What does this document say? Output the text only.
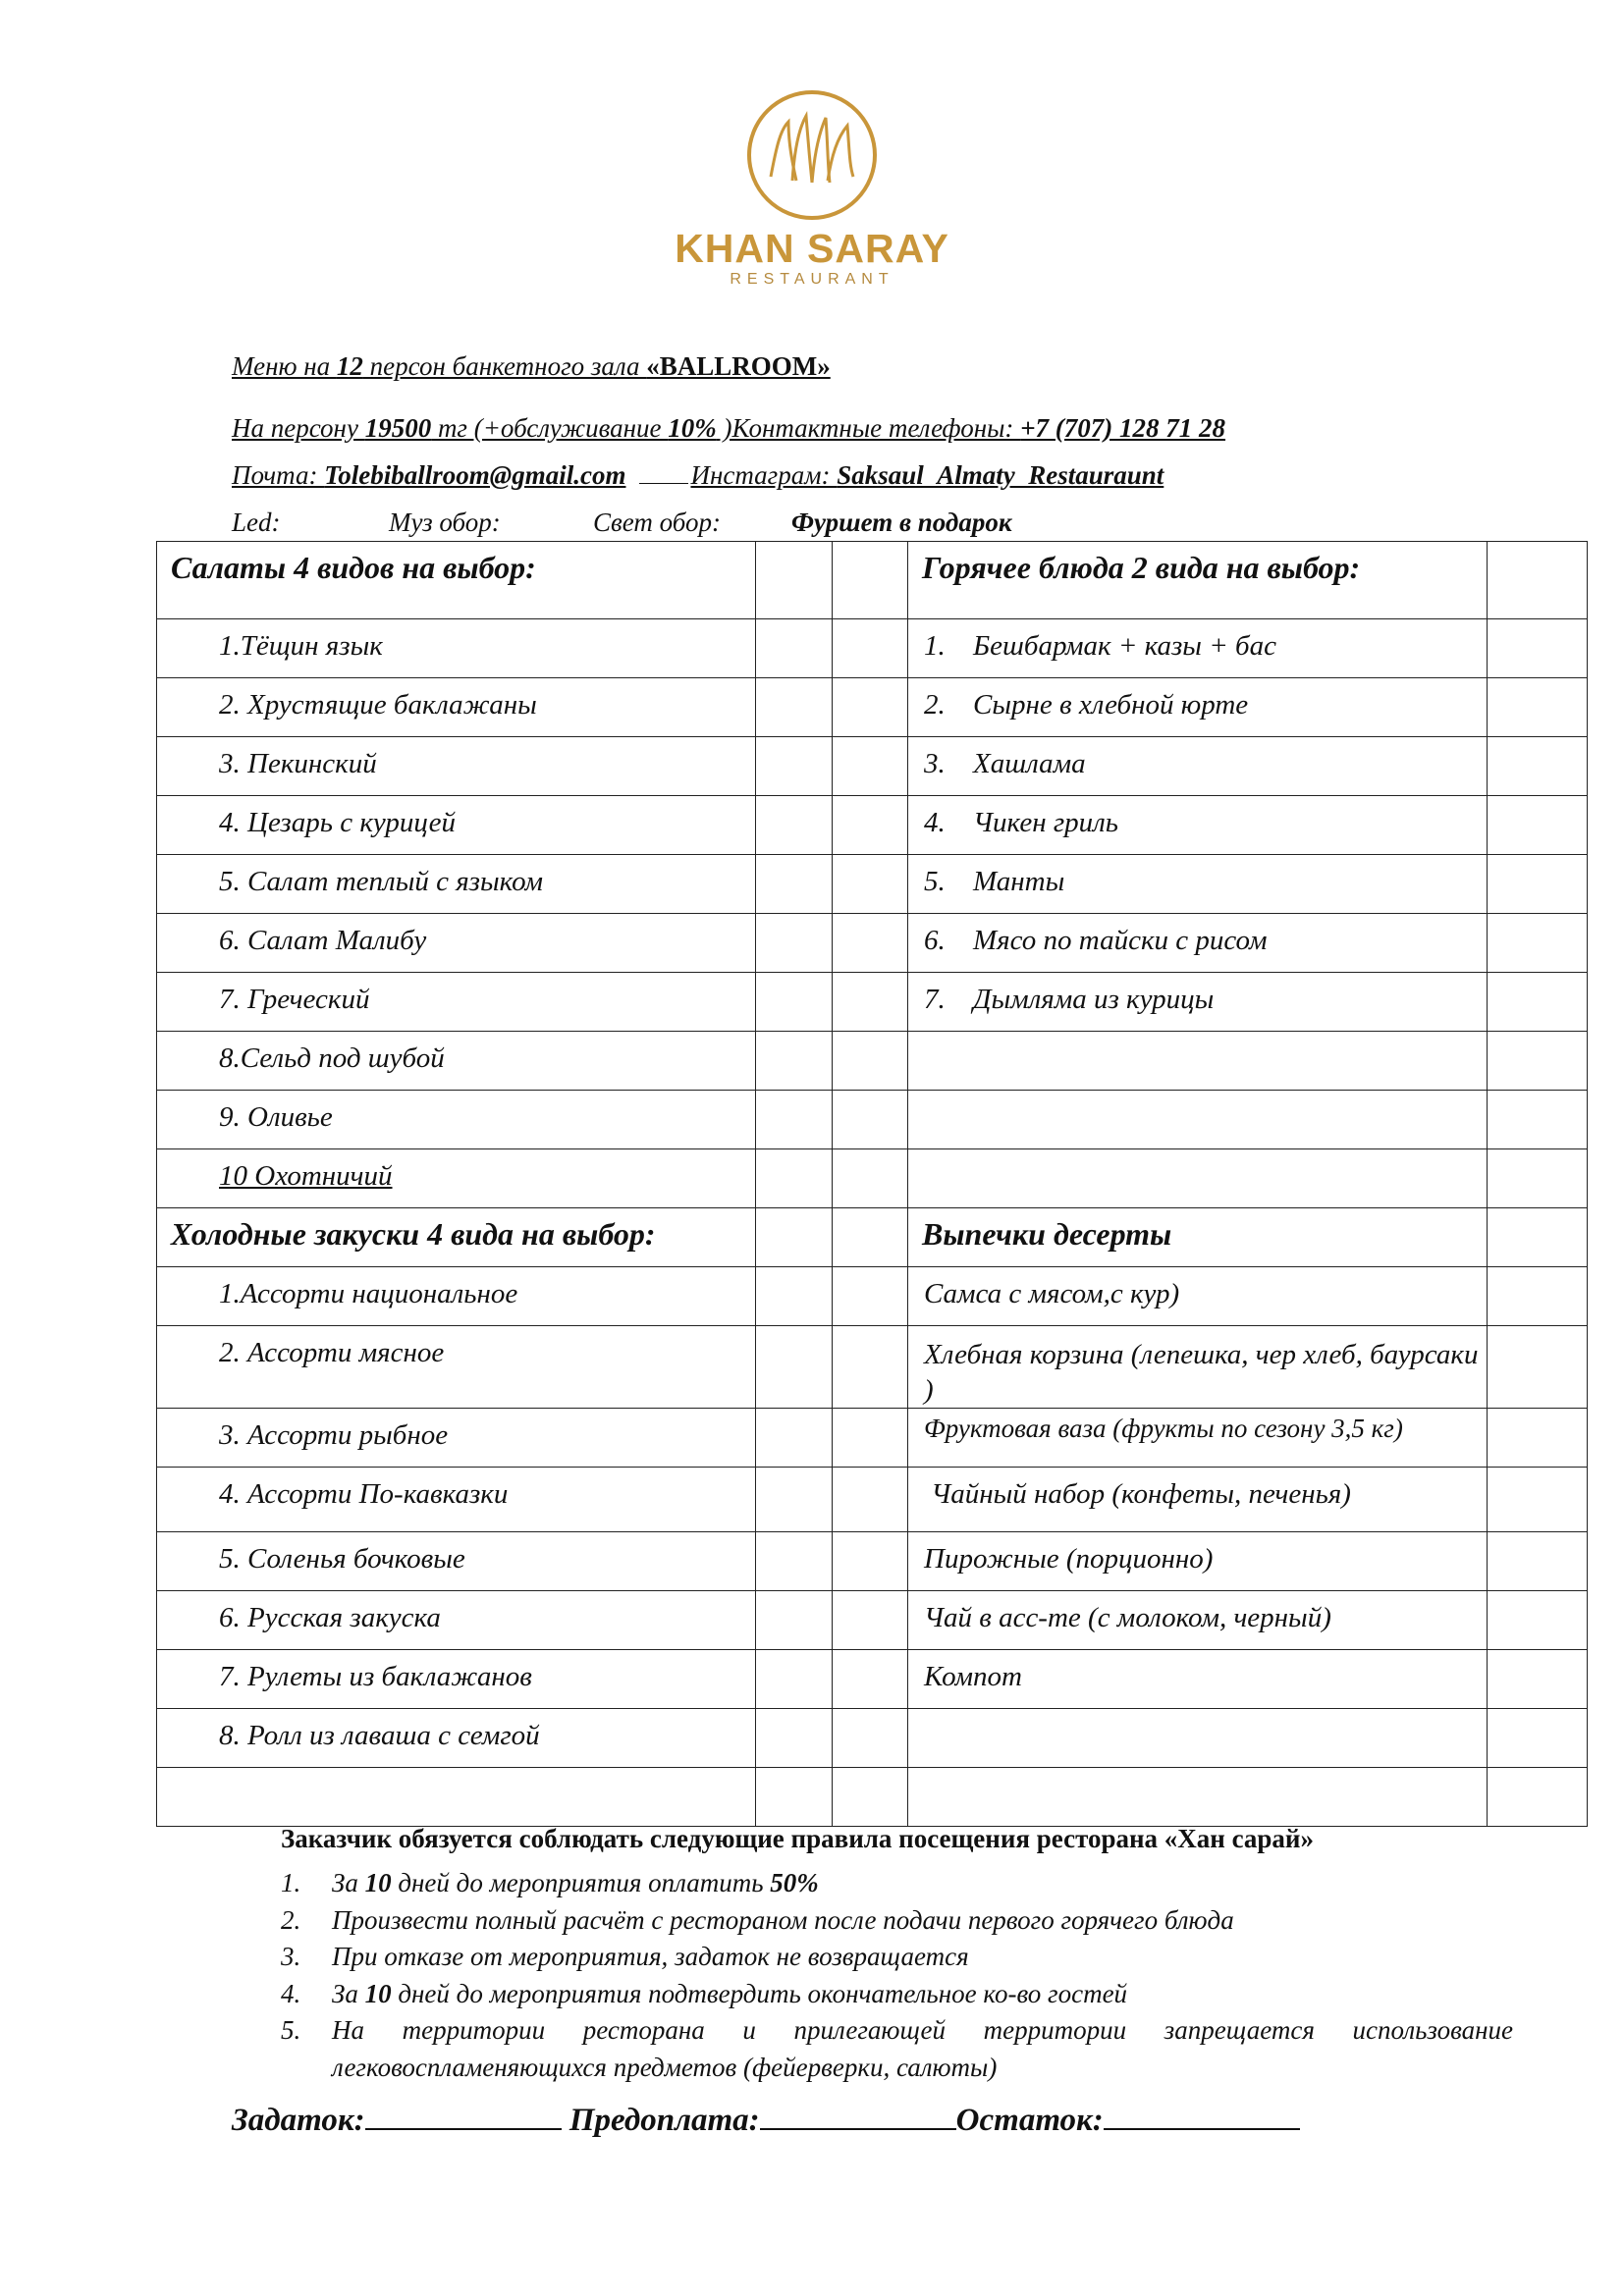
KHAN SARAY
RESTAURANT
Меню на 12 персон банкетного зала «BALLROOM»
На персону 19500 тг (+обслуживание 10% )Контактные телефоны: +7 (707) 128 71 28
Почта: Tolebiballroom@gmail.com Инстаграм: Saksaul_Almaty_Restauraunt
Led:	Муз обор:	Свет обор:	Фуршет в подарок
Салаты 4 видов на выбор:			Горячее блюда 2 вида на выбор:	
1.Тёщин язык			1. Бешбармак + казы + бас	
2. Хрустящие баклажаны			2. Сырне в хлебной юрте	
3. Пекинский			3. Хашлама	
4. Цезарь с курицей			4. Чикен гриль	
5. Салат теплый с языком			5. Манты	
6. Салат Малибу			6. Мясо по тайски с рисом	
7. Греческий			7. Дымляма из курицы	
8.Сельд под шубой				
9. Оливье				
10 Охотничий				
Холодные закуски 4 вида на выбор:			Выпечки десерты	
1.Ассорти национальное			Самса с мясом,с кур)	
2. Ассорти мясное			Хлебная корзина (лепешка, чер хлеб, баурсаки )	
3. Ассорти рыбное			Фруктовая ваза (фрукты по сезону 3,5 кг)	
4. Ассорти По-кавказки			Чайный набор (конфеты, печенья)	
5. Соленья бочковые			Пирожные (порционно)	
6. Русская закуска			Чай в асс-те (с молоком, черный)	
7. Рулеты из баклажанов			Компот	
8. Ролл из лаваша с семгой				

Заказчик обязуется соблюдать следующие правила посещения ресторана «Хан сарай»
1. За 10 дней до мероприятия оплатить 50%
2. Произвести полный расчёт с рестораном после подачи первого горячего блюда
3. При отказе от мероприятия, задаток не возвращается
4. За 10 дней до мероприятия подтвердить окончательное ко-во гостей
5. На территории ресторана и прилегающей территории запрещается использование легковоспламеняющихся предметов (фейерверки, салюты)
Задаток:	Предоплата:	Остаток:
